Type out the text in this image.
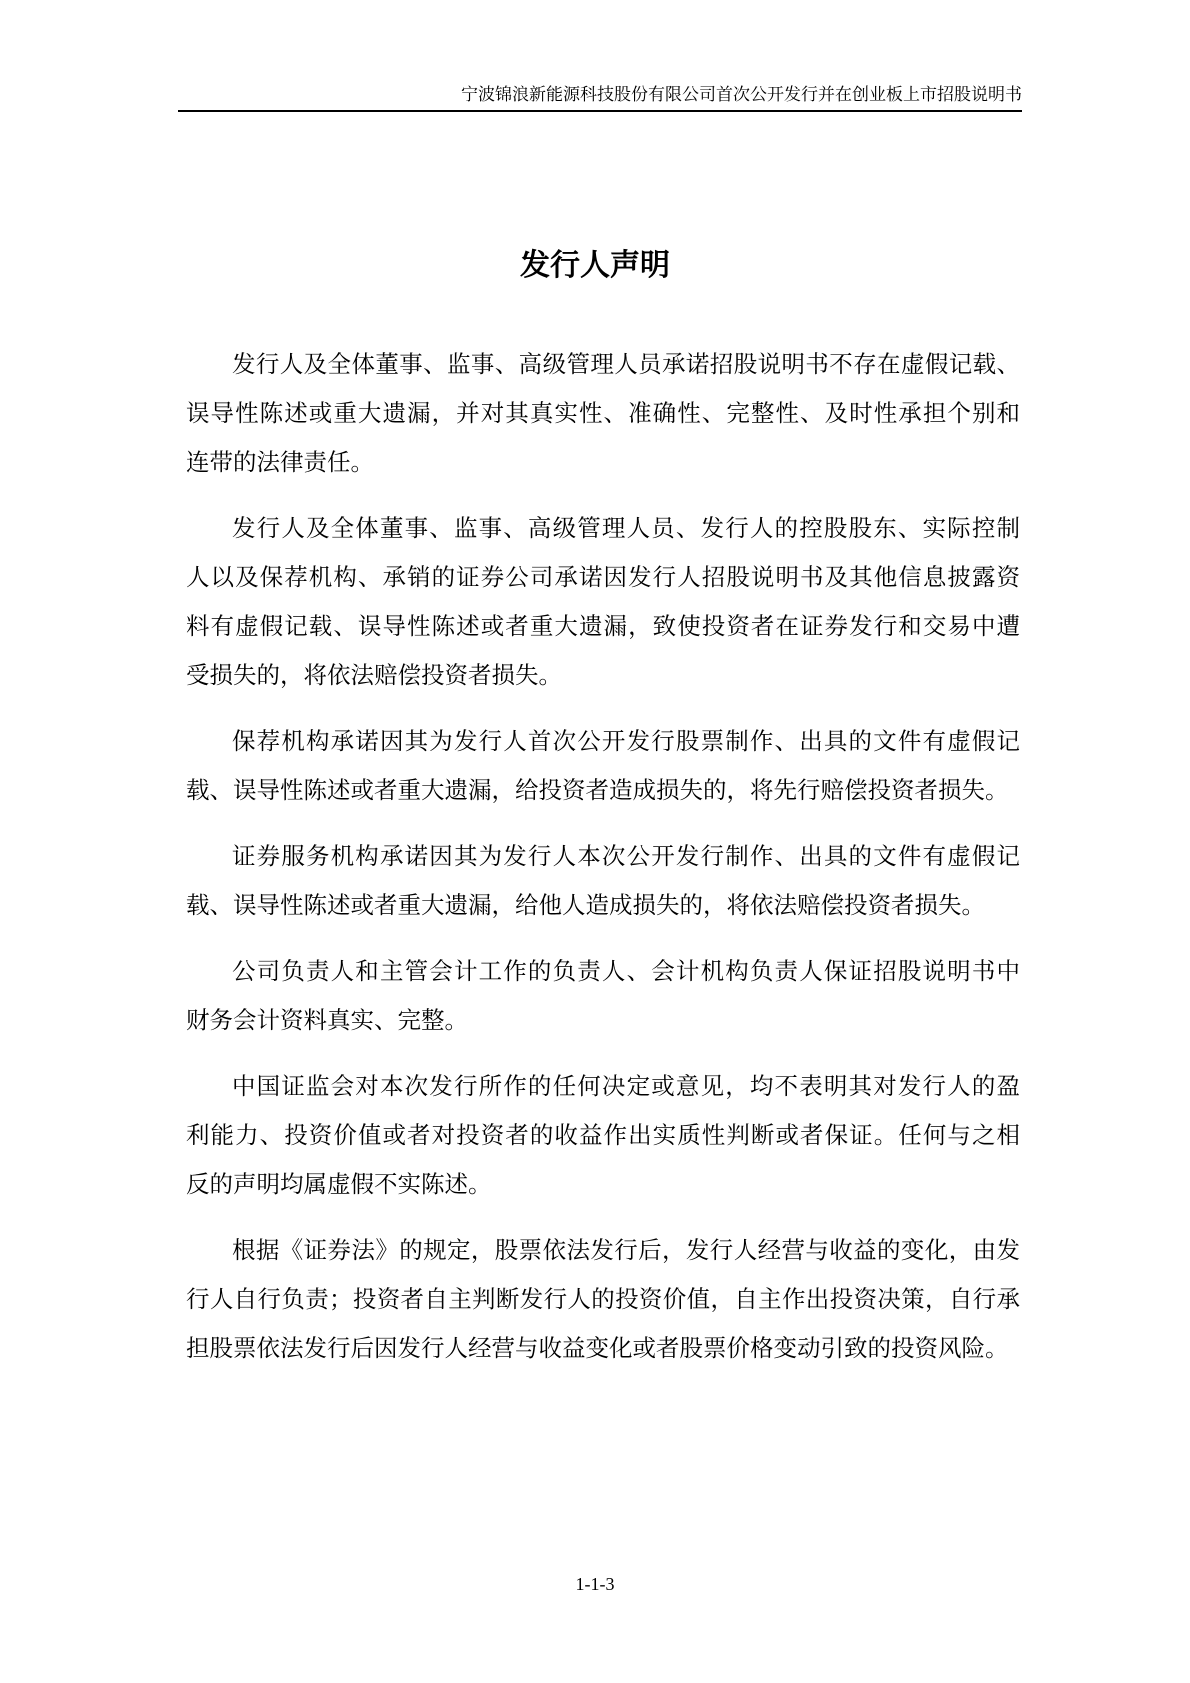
宁波锦浪新能源科技股份有限公司首次公开发行并在创业板上市招股说明书
发行人声明
发行人及全体董事、监事、高级管理人员承诺招股说明书不存在虚假记载、
误导性陈述或重大遗漏，并对其真实性、准确性、完整性、及时性承担个别和
连带的法律责任。
发行人及全体董事、监事、高级管理人员、发行人的控股股东、实际控制
人以及保荐机构、承销的证券公司承诺因发行人招股说明书及其他信息披露资
料有虚假记载、误导性陈述或者重大遗漏，致使投资者在证券发行和交易中遭
受损失的，将依法赔偿投资者损失。
保荐机构承诺因其为发行人首次公开发行股票制作、出具的文件有虚假记
载、误导性陈述或者重大遗漏，给投资者造成损失的，将先行赔偿投资者损失。
证券服务机构承诺因其为发行人本次公开发行制作、出具的文件有虚假记
载、误导性陈述或者重大遗漏，给他人造成损失的，将依法赔偿投资者损失。
公司负责人和主管会计工作的负责人、会计机构负责人保证招股说明书中
财务会计资料真实、完整。
中国证监会对本次发行所作的任何决定或意见，均不表明其对发行人的盈
利能力、投资价值或者对投资者的收益作出实质性判断或者保证。任何与之相
反的声明均属虚假不实陈述。
根据《证券法》的规定，股票依法发行后，发行人经营与收益的变化，由发
行人自行负责；投资者自主判断发行人的投资价值，自主作出投资决策，自行承
担股票依法发行后因发行人经营与收益变化或者股票价格变动引致的投资风险。
1-1-3
